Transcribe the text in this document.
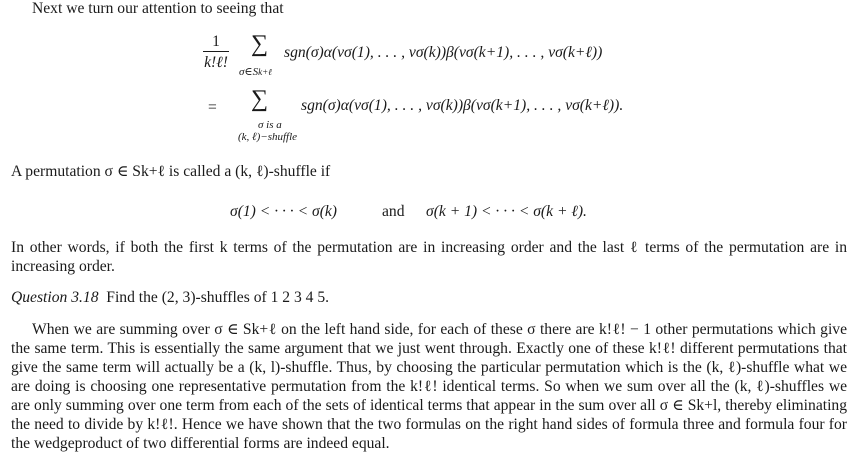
Next we turn our attention to seeing that
1
k!ℓ!
∑
σ∈Sk+ℓ
sgn(σ)α(vσ(1), . . . , vσ(k))β(vσ(k+1), . . . , vσ(k+ℓ))
= ∑
σ is a
(k, ℓ)−shuffle
sgn(σ)α(vσ(1), . . . , vσ(k))β(vσ(k+1), . . . , vσ(k+ℓ)).
A permutation σ ∈ Sk+ℓ is called a (k, ℓ)-shuffle if
σ(1) < · · · < σ(k)	and σ(k + 1) < · · · < σ(k + ℓ).
In other words, if both the first k terms of the permutation are in increasing order and the last ℓ terms of the permutation are in increasing order.
Question 3.18 Find the (2, 3)-shuffles of 1 2 3 4 5.
When we are summing over σ ∈ Sk+ℓ on the left hand side, for each of these σ there are k!ℓ! − 1 other permutations which give the same term. This is essentially the same argument that we just went through. Exactly one of these k!ℓ! different permutations that give the same term will actually be a (k, l)-shuffle. Thus, by choosing the particular permutation which is the (k, ℓ)-shuffle what we are doing is choosing one representative permutation from the k!ℓ! identical terms. So when we sum over all the (k, ℓ)-shuffles we are only summing over one term from each of the sets of identical terms that appear in the sum over all σ ∈ Sk+l, thereby eliminating the need to divide by k!ℓ!. Hence we have shown that the two formulas on the right hand sides of formula three and formula four for the wedgeproduct of two differential forms are indeed equal.
